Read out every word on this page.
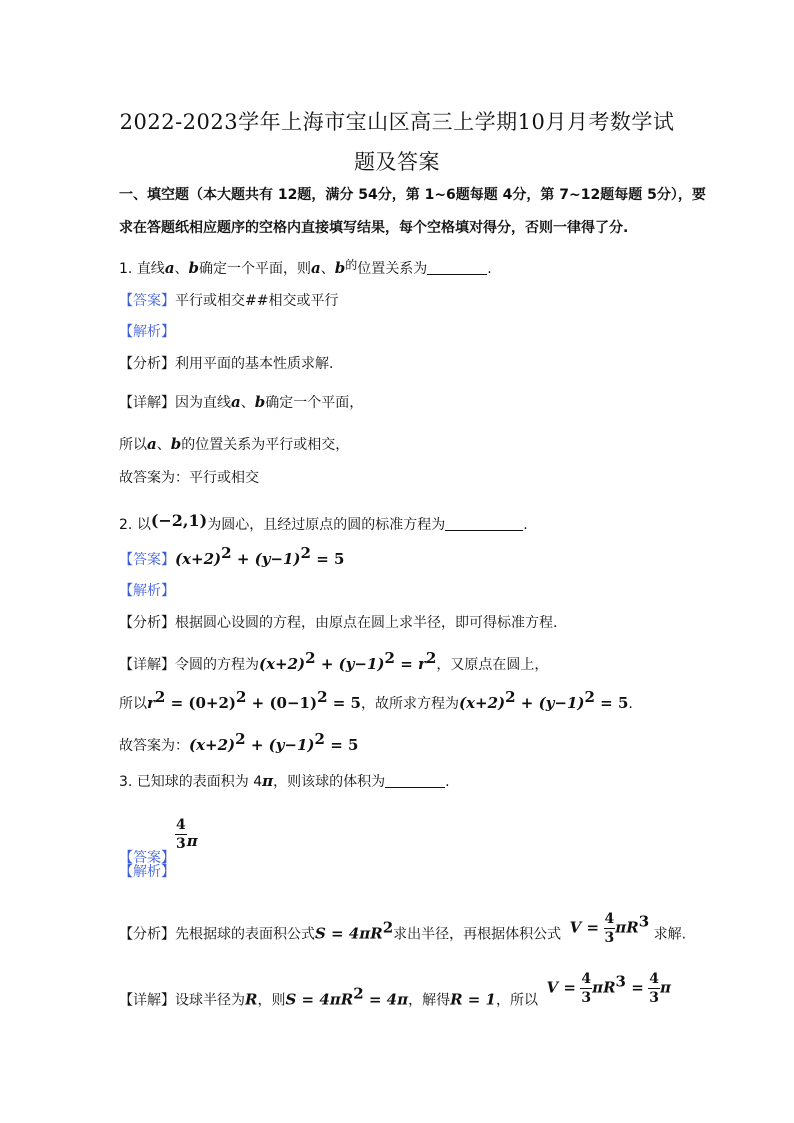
2022-2023学年上海市宝山区高三上学期10月月考数学试
题及答案
一、填空题（本大题共有 12题，满分 54分，第 1~6题每题 4分，第 7~12题每题 5分），要
求在答题纸相应题序的空格内直接填写结果，每个空格填对得分，否则一律得了分.
1. 直线a、b确定一个平面，则a、$b^的$位置关系为	.
【答案】平行或相交##相交或平行
【解析】
【分析】利用平面的基本性质求解.
【详解】因为直线a、b确定一个平面，
所以a、b的位置关系为平行或相交，
故答案为：平行或相交
2. 以(−2,1)为圆心，且经过原点的圆的标准方程为	.
【答案】$(x+2)^2 + (y-1)^2 = 5$
【解析】
【分析】根据圆心设圆的方程，由原点在圆上求半径，即可得标准方程.
【详解】令圆的方程为$(x+2)^2 + (y-1)^2 = r^2$，又原点在圆上，
所以$r^2 = (0+2)^2 + (0-1)^2 = 5$，故所求方程为$(x+2)^2 + (y-1)^2 = 5$.
故答案为：$(x+2)^2 + (y-1)^2 = 5$
3. 已知球的表面积为 4π，则该球的体积为	.
【答案】
$\frac{4}{3}$ π
【解析】
【分析】先根据球的表面积公式$S = 4\pi R^2$求出半径，再根据体积公式 $V = \frac{4}{3} \pi R^3$ 求解.
【详解】设球半径为R，则$S = 4\pi R^2 = 4\pi$，解得R = 1，所以 $V = \frac{4}{3} \pi R^3 = \frac{4}{3}$ π
